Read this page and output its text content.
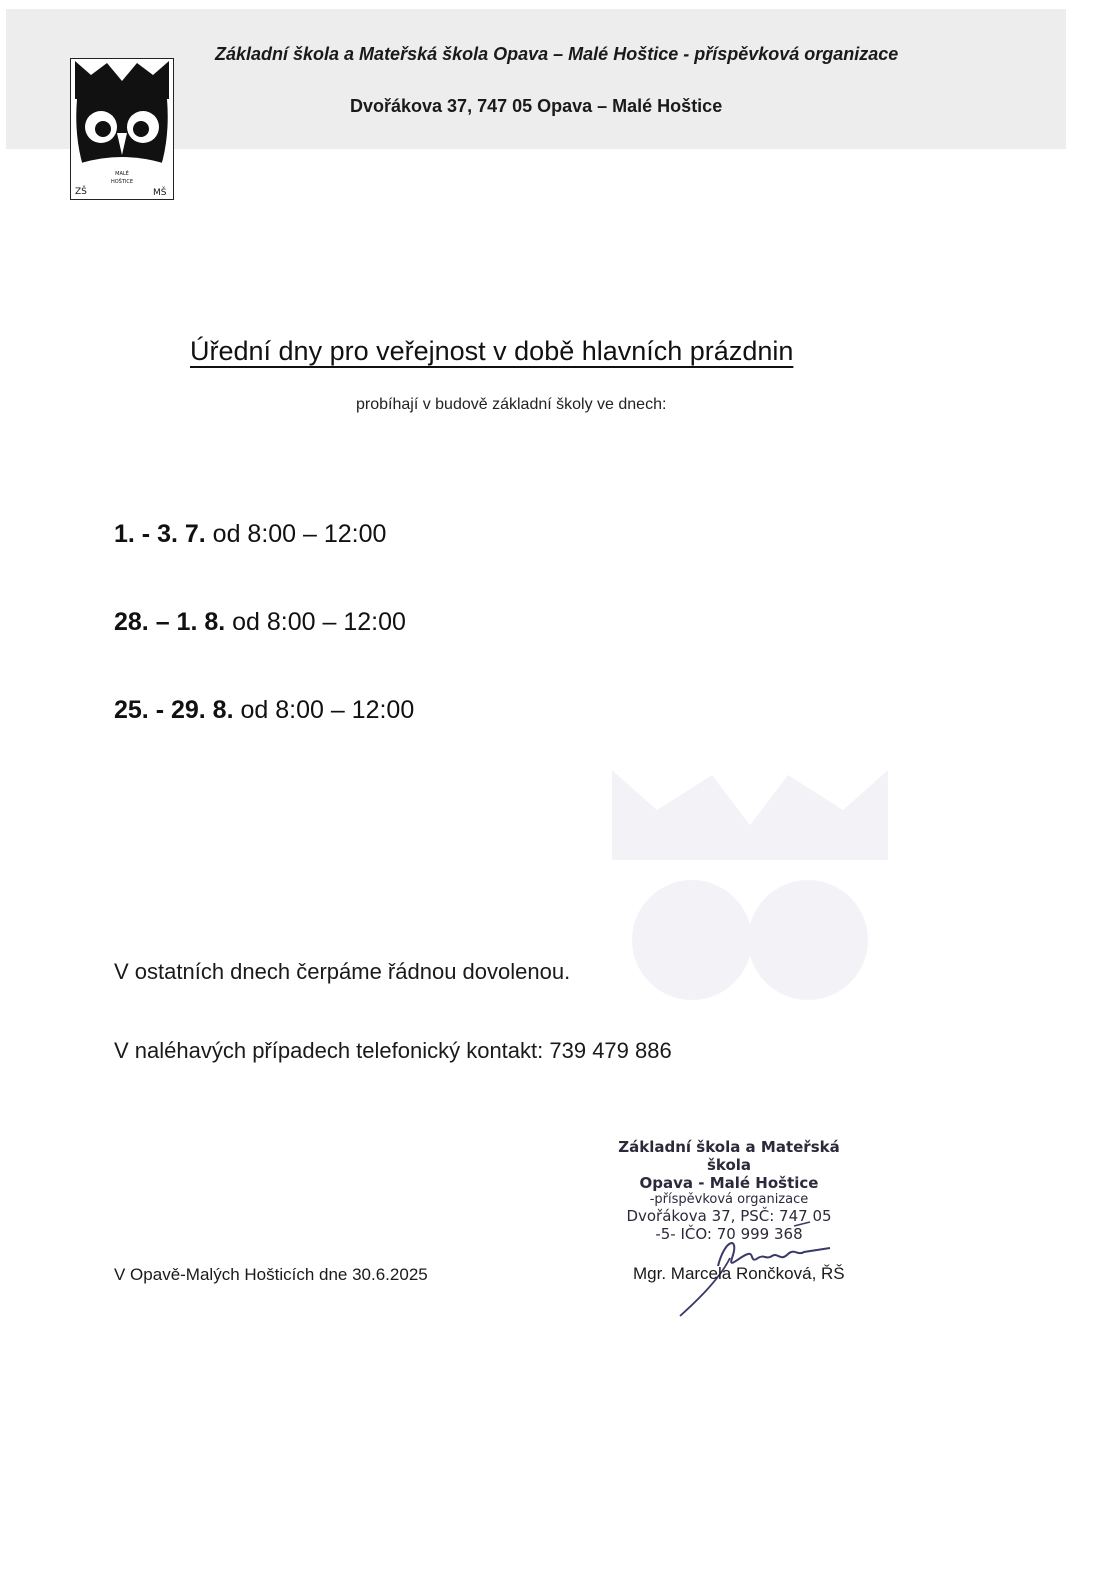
MALÉ
HOŠTICE
ZŠ	MŠ
Základní škola a Mateřská škola Opava – Malé Hoštice - příspěvková organizace
Dvořákova 37, 747 05 Opava – Malé Hoštice
Úřední dny pro veřejnost v době hlavních prázdnin
probíhají v budově základní školy ve dnech:
1. - 3. 7. od 8:00 – 12:00
28. – 1. 8. od 8:00 – 12:00
25. - 29. 8. od 8:00 – 12:00
V ostatních dnech čerpáme řádnou dovolenou.
V naléhavých případech telefonický kontakt: 739 479 886
Základní škola a Mateřská škola
Opava - Malé Hoštice
-příspěvková organizace
Dvořákova 37, PSČ: 747 05
-5- IČO: 70 999 368
V Opavě-Malých Hošticích dne 30.6.2025	Mgr. Marcela Rončková, ŘŠ
